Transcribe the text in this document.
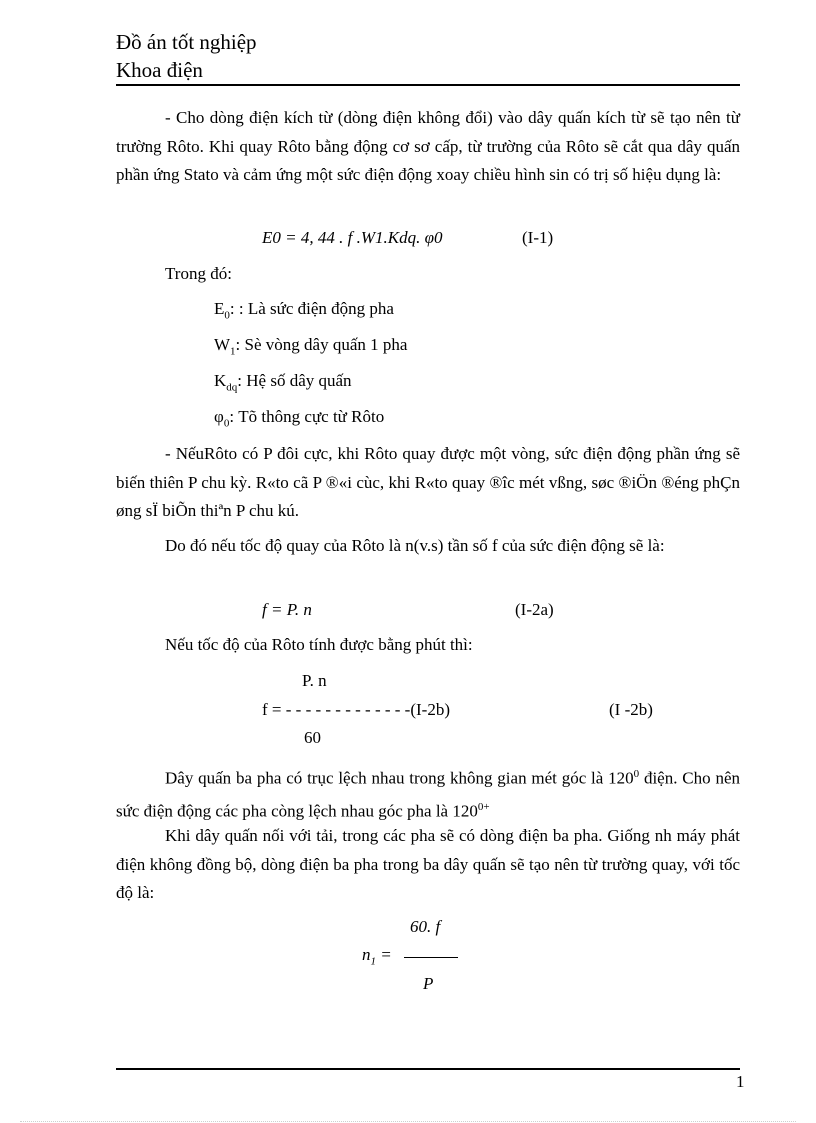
Đồ án tốt nghiệp
Khoa điện
- Cho dòng điện kích từ (dòng điện không đổi) vào dây quấn kích từ sẽ tạo nên từ trường Rôto. Khi quay Rôto bằng động cơ sơ cấp, từ trường của Rôto sẽ cắt qua dây quấn phần ứng Stato và cảm ứng một sức điện động xoay chiều hình sin có trị số hiệu dụng là:
E0 = 4, 44 . f .W1.Kdq. φ0	(I-1)
Trong đó:
$E_0$: : Là sức điện động pha
$W_1$: Sè vòng dây quấn 1 pha
$K_{dq}$: Hệ số dây quấn
$\varphi_0$: Tõ thông cực từ Rôto
- NếuRôto có P đôi cực, khi Rôto quay được một vòng, sức điện động phần ứng sẽ biến thiên P chu kỳ. R«to cã P ®«i cùc, khi R«to quay ®îc mét vßng, søc ®iÖn ®éng phÇn øng sÏ biÕn thiªn P chu kú.
Do đó nếu tốc độ quay của Rôto là n(v.s) tần số f của sức điện động sẽ là:
f = P. n	(I-2a)
Nếu tốc độ của Rôto tính được bằng phút thì:
P. n
f = - - - - - - - - - - - - -(I-2b)	(I -2b)
60
Dây quấn ba pha có trục lệch nhau trong không gian mét góc là $120^0$ điện. Cho nên sức điện động các pha còng lệch nhau góc pha là $120^{0+}$
Khi dây quấn nối với tải, trong các pha sẽ có dòng điện ba pha. Giống nh máy phát điện không đồng bộ, dòng điện ba pha trong ba dây quấn sẽ tạo nên từ trường quay, với tốc độ là:
60. f
$n_1$ =
P
1
